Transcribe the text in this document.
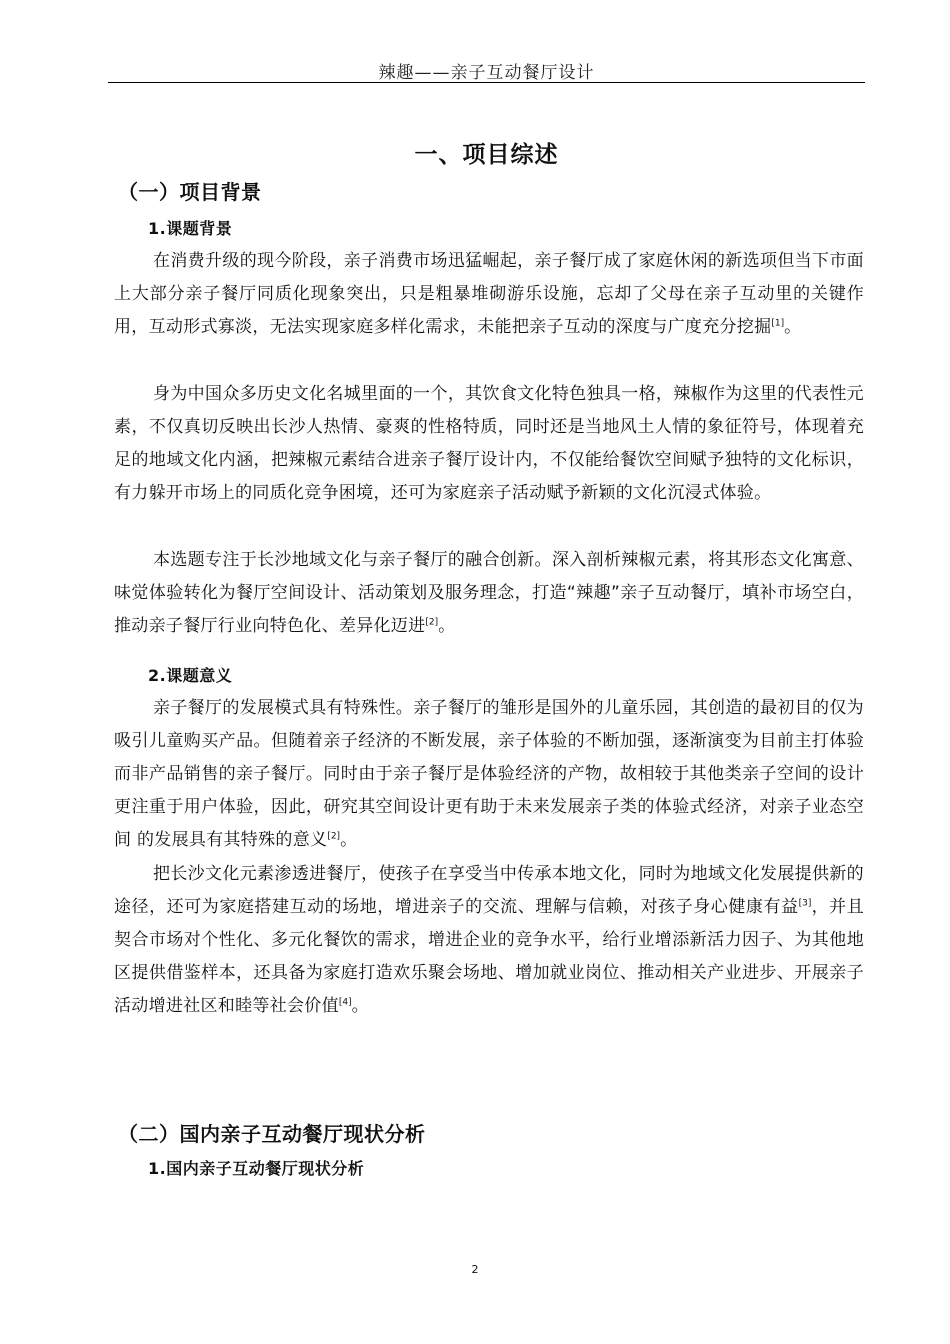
辣趣——亲子互动餐厅设计
一、项目综述
（一）项目背景
1.课题背景

在消费升级的现今阶段，亲子消费市场迅猛崛起，亲子餐厅成了家庭休闲的新选项但当下市面上大部分亲子餐厅同质化现象突出，只是粗暴堆砌游乐设施，忘却了父母在亲子互动里的关键作用，互动形式寡淡，无法实现家庭多样化需求，未能把亲子互动的深度与广度充分挖掘[1]。

身为中国众多历史文化名城里面的一个，其饮食文化特色独具一格，辣椒作为这里的代表性元素，不仅真切反映出长沙人热情、豪爽的性格特质，同时还是当地风土人情的象征符号，体现着充足的地域文化内涵，把辣椒元素结合进亲子餐厅设计内，不仅能给餐饮空间赋予独特的文化标识，有力躲开市场上的同质化竞争困境，还可为家庭亲子活动赋予新颖的文化沉浸式体验。

本选题专注于长沙地域文化与亲子餐厅的融合创新。深入剖析辣椒元素，将其形态文化寓意、味觉体验转化为餐厅空间设计、活动策划及服务理念，打造“辣趣”亲子互动餐厅，填补市场空白，推动亲子餐厅行业向特色化、差异化迈进[2]。

2.课题意义

亲子餐厅的发展模式具有特殊性。亲子餐厅的雏形是国外的儿童乐园，其创造的最初目的仅为吸引儿童购买产品。但随着亲子经济的不断发展，亲子体验的不断加强，逐渐演变为目前主打体验而非产品销售的亲子餐厅。同时由于亲子餐厅是体验经济的产物，故相较于其他类亲子空间的设计更注重于用户体验，因此，研究其空间设计更有助于未来发展亲子类的体验式经济，对亲子业态空间 的发展具有其特殊的意义[2]。

把长沙文化元素渗透进餐厅，使孩子在享受当中传承本地文化，同时为地域文化发展提供新的途径，还可为家庭搭建互动的场地，增进亲子的交流、理解与信赖，对孩子身心健康有益[3]，并且契合市场对个性化、多元化餐饮的需求，增进企业的竞争水平，给行业增添新活力因子、为其他地区提供借鉴样本，还具备为家庭打造欢乐聚会场地、增加就业岗位、推动相关产业进步、开展亲子活动增进社区和睦等社会价值[4]。

（二）国内亲子互动餐厅现状分析
1.国内亲子互动餐厅现状分析
2
